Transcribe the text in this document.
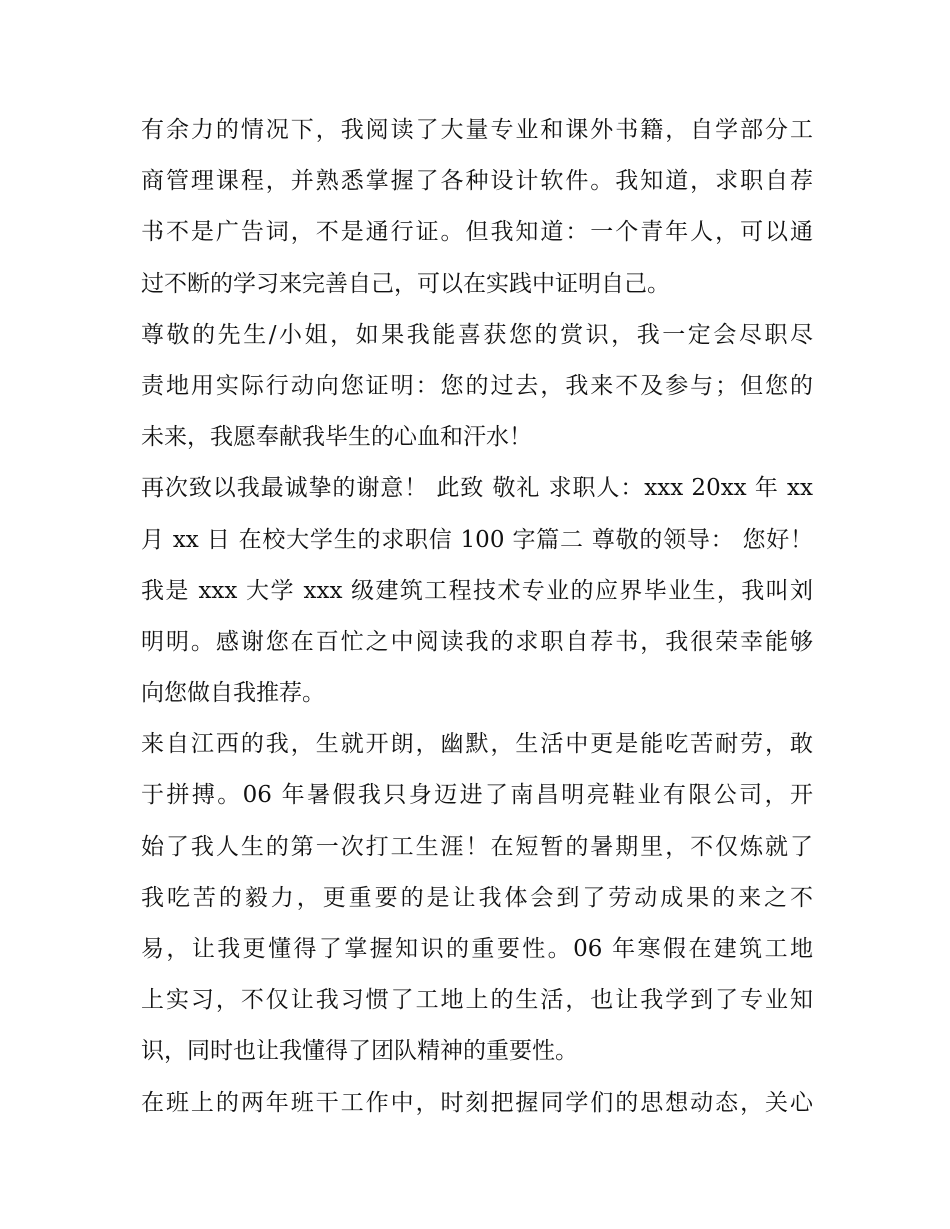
有余力的情况下，我阅读了大量专业和课外书籍，自学部分工
商管理课程，并熟悉掌握了各种设计软件。我知道，求职自荐
书不是广告词，不是通行证。但我知道：一个青年人，可以通
过不断的学习来完善自己，可以在实践中证明自己。
尊敬的先生/小姐，如果我能喜获您的赏识，我一定会尽职尽
责地用实际行动向您证明：您的过去，我来不及参与；但您的
未来，我愿奉献我毕生的心血和汗水！
再次致以我最诚挚的谢意！ 此致 敬礼 求职人：xxx 20xx 年 xx
月 xx 日 在校大学生的求职信 100 字篇二 尊敬的领导： 您好！
我是 xxx 大学 xxx 级建筑工程技术专业的应界毕业生，我叫刘
明明。感谢您在百忙之中阅读我的求职自荐书，我很荣幸能够
向您做自我推荐。
来自江西的我，生就开朗，幽默，生活中更是能吃苦耐劳，敢
于拼搏。06 年暑假我只身迈进了南昌明亮鞋业有限公司，开
始了我人生的第一次打工生涯！在短暂的暑期里，不仅炼就了
我吃苦的毅力，更重要的是让我体会到了劳动成果的来之不
易，让我更懂得了掌握知识的重要性。06 年寒假在建筑工地
上实习，不仅让我习惯了工地上的生活，也让我学到了专业知
识，同时也让我懂得了团队精神的重要性。
在班上的两年班干工作中，时刻把握同学们的思想动态，关心
